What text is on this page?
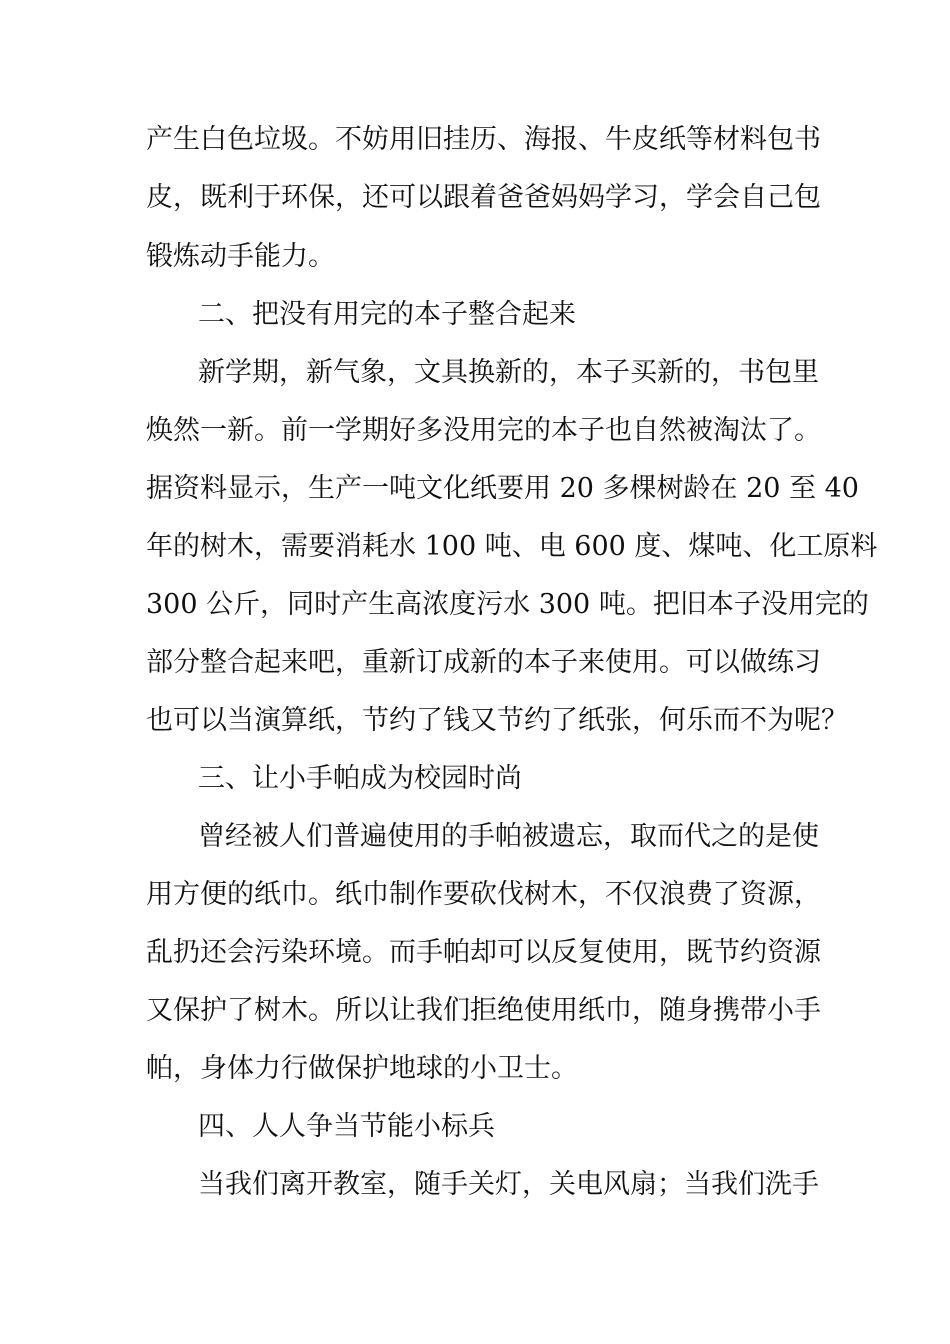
产生白色垃圾。不妨用旧挂历、海报、牛皮纸等材料包书

皮，既利于环保，还可以跟着爸爸妈妈学习，学会自己包

锻炼动手能力。

二、把没有用完的本子整合起来

新学期，新气象，文具换新的，本子买新的，书包里

焕然一新。前一学期好多没用完的本子也自然被淘汰了。

据资料显示，生产一吨文化纸要用 20 多棵树龄在 20 至 40

年的树木，需要消耗水 100 吨、电 600 度、煤吨、化工原料

300 公斤，同时产生高浓度污水 300 吨。把旧本子没用完的

部分整合起来吧，重新订成新的本子来使用。可以做练习

也可以当演算纸，节约了钱又节约了纸张，何乐而不为呢？

三、让小手帕成为校园时尚

曾经被人们普遍使用的手帕被遗忘，取而代之的是使

用方便的纸巾。纸巾制作要砍伐树木，不仅浪费了资源，

乱扔还会污染环境。而手帕却可以反复使用，既节约资源

又保护了树木。所以让我们拒绝使用纸巾，随身携带小手

帕，身体力行做保护地球的小卫士。

四、人人争当节能小标兵

当我们离开教室，随手关灯，关电风扇；当我们洗手
